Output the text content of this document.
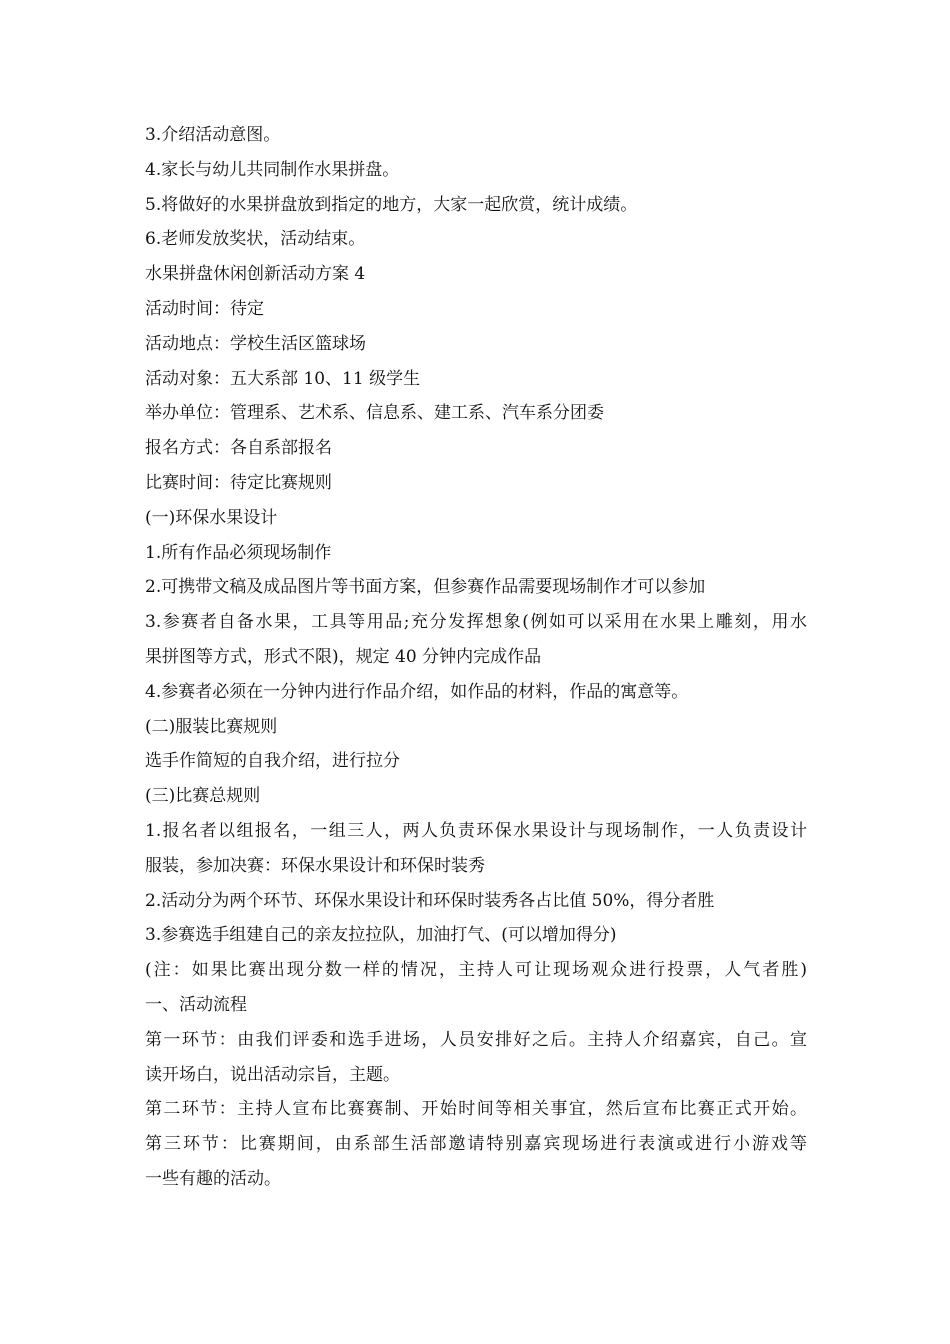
3.介绍活动意图。

4.家长与幼儿共同制作水果拼盘。

5.将做好的水果拼盘放到指定的地方，大家一起欣赏，统计成绩。

6.老师发放奖状，活动结束。

水果拼盘休闲创新活动方案 4

活动时间：待定

活动地点：学校生活区篮球场

活动对象：五大系部 10、11 级学生

举办单位：管理系、艺术系、信息系、建工系、汽车系分团委

报名方式：各自系部报名

比赛时间：待定比赛规则

(一)环保水果设计

1.所有作品必须现场制作

2.可携带文稿及成品图片等书面方案，但参赛作品需要现场制作才可以参加

3.参赛者自备水果，工具等用品;充分发挥想象(例如可以采用在水果上雕刻，用水

果拼图等方式，形式不限)，规定 40 分钟内完成作品

4.参赛者必须在一分钟内进行作品介绍，如作品的材料，作品的寓意等。

(二)服装比赛规则

选手作简短的自我介绍，进行拉分

(三)比赛总规则

1.报名者以组报名，一组三人，两人负责环保水果设计与现场制作，一人负责设计

服装，参加决赛：环保水果设计和环保时装秀

2.活动分为两个环节、环保水果设计和环保时装秀各占比值 50%，得分者胜

3.参赛选手组建自己的亲友拉拉队，加油打气、(可以增加得分)

(注：如果比赛出现分数一样的情况，主持人可让现场观众进行投票，人气者胜)

一、活动流程

第一环节：由我们评委和选手进场，人员安排好之后。主持人介绍嘉宾，自己。宣

读开场白，说出活动宗旨，主题。

第二环节：主持人宣布比赛赛制、开始时间等相关事宜，然后宣布比赛正式开始。

第三环节：比赛期间，由系部生活部邀请特别嘉宾现场进行表演或进行小游戏等

一些有趣的活动。
